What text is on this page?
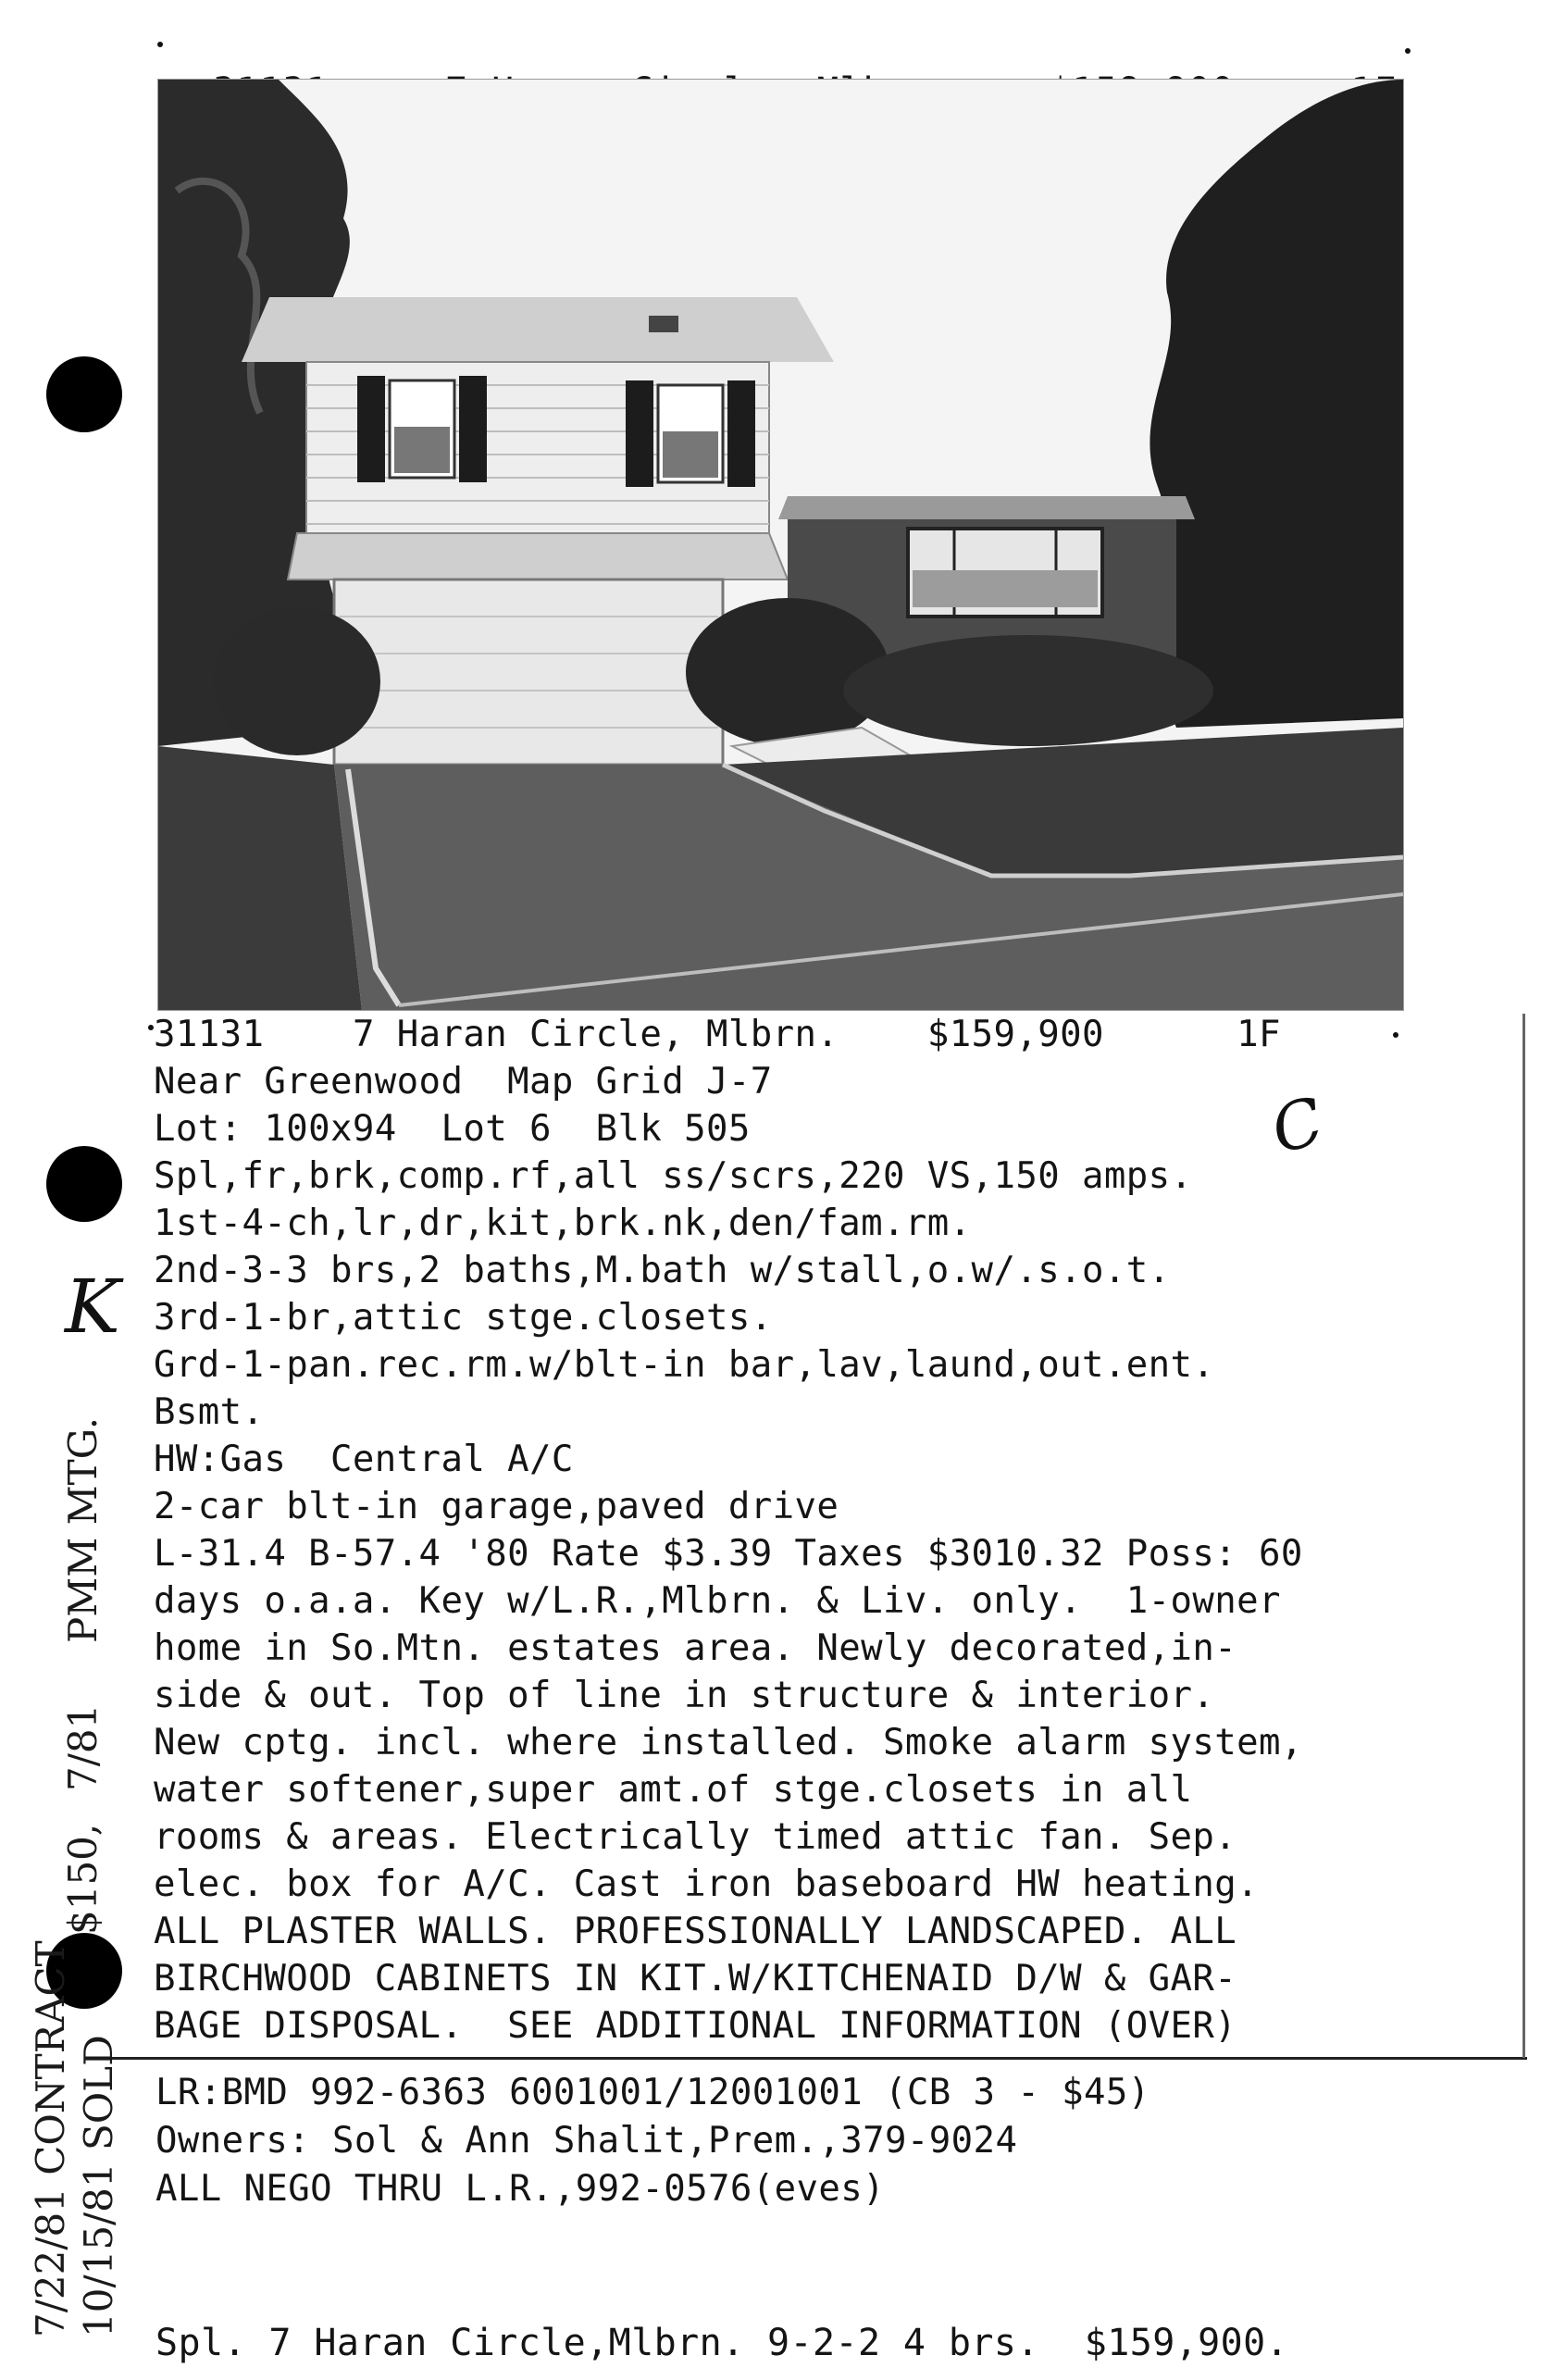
31131 7 Haran Circle, Mlbrn. $159,900	1F
Near Greenwood  Map Grid J-7
Lot: 100x94  Lot 6  Blk 505
Spl,fr,brk,comp.rf,all ss/scrs,220 VS,150 amps.
1st-4-ch,lr,dr,kit,brk.nk,den/fam.rm.
2nd-3-3 brs,2 baths,M.bath w/stall,o.w/.s.o.t.
3rd-1-br,attic stge.closets.
Grd-1-pan.rec.rm.w/blt-in bar,lav,laund,out.ent.
Bsmt.
HW:Gas  Central A/C
2-car blt-in garage,paved drive
L-31.4 B-57.4 '80 Rate $3.39 Taxes $3010.32 Poss: 60
days o.a.a. Key w/L.R.,Mlbrn. & Liv. only.  1-owner
home in So.Mtn. estates area. Newly decorated,in-
side & out. Top of line in structure & interior.
New cptg. incl. where installed. Smoke alarm system,
water softener,super amt.of stge.closets in all
rooms & areas. Electrically timed attic fan. Sep.
elec. box for A/C. Cast iron baseboard HW heating.
ALL PLASTER WALLS. PROFESSIONALLY LANDSCAPED. ALL
BIRCHWOOD CABINETS IN KIT.W/KITCHENAID D/W & GAR-
BAGE DISPOSAL.  SEE ADDITIONAL INFORMATION (OVER)
LR:BMD 992-6363 6001001/12001001 (CB 3 - $45)
Owners: Sol & Ann Shalit,Prem.,379-9024
ALL NEGO THRU L.R.,992-0576(eves)
Spl. 7 Haran Circle,Mlbrn. 9-2-2 4 brs.  $159,900.
PMM MTG.
7/81
$150,
7/22/81 CONTRACT 10/15/81 SOLD
K
C
